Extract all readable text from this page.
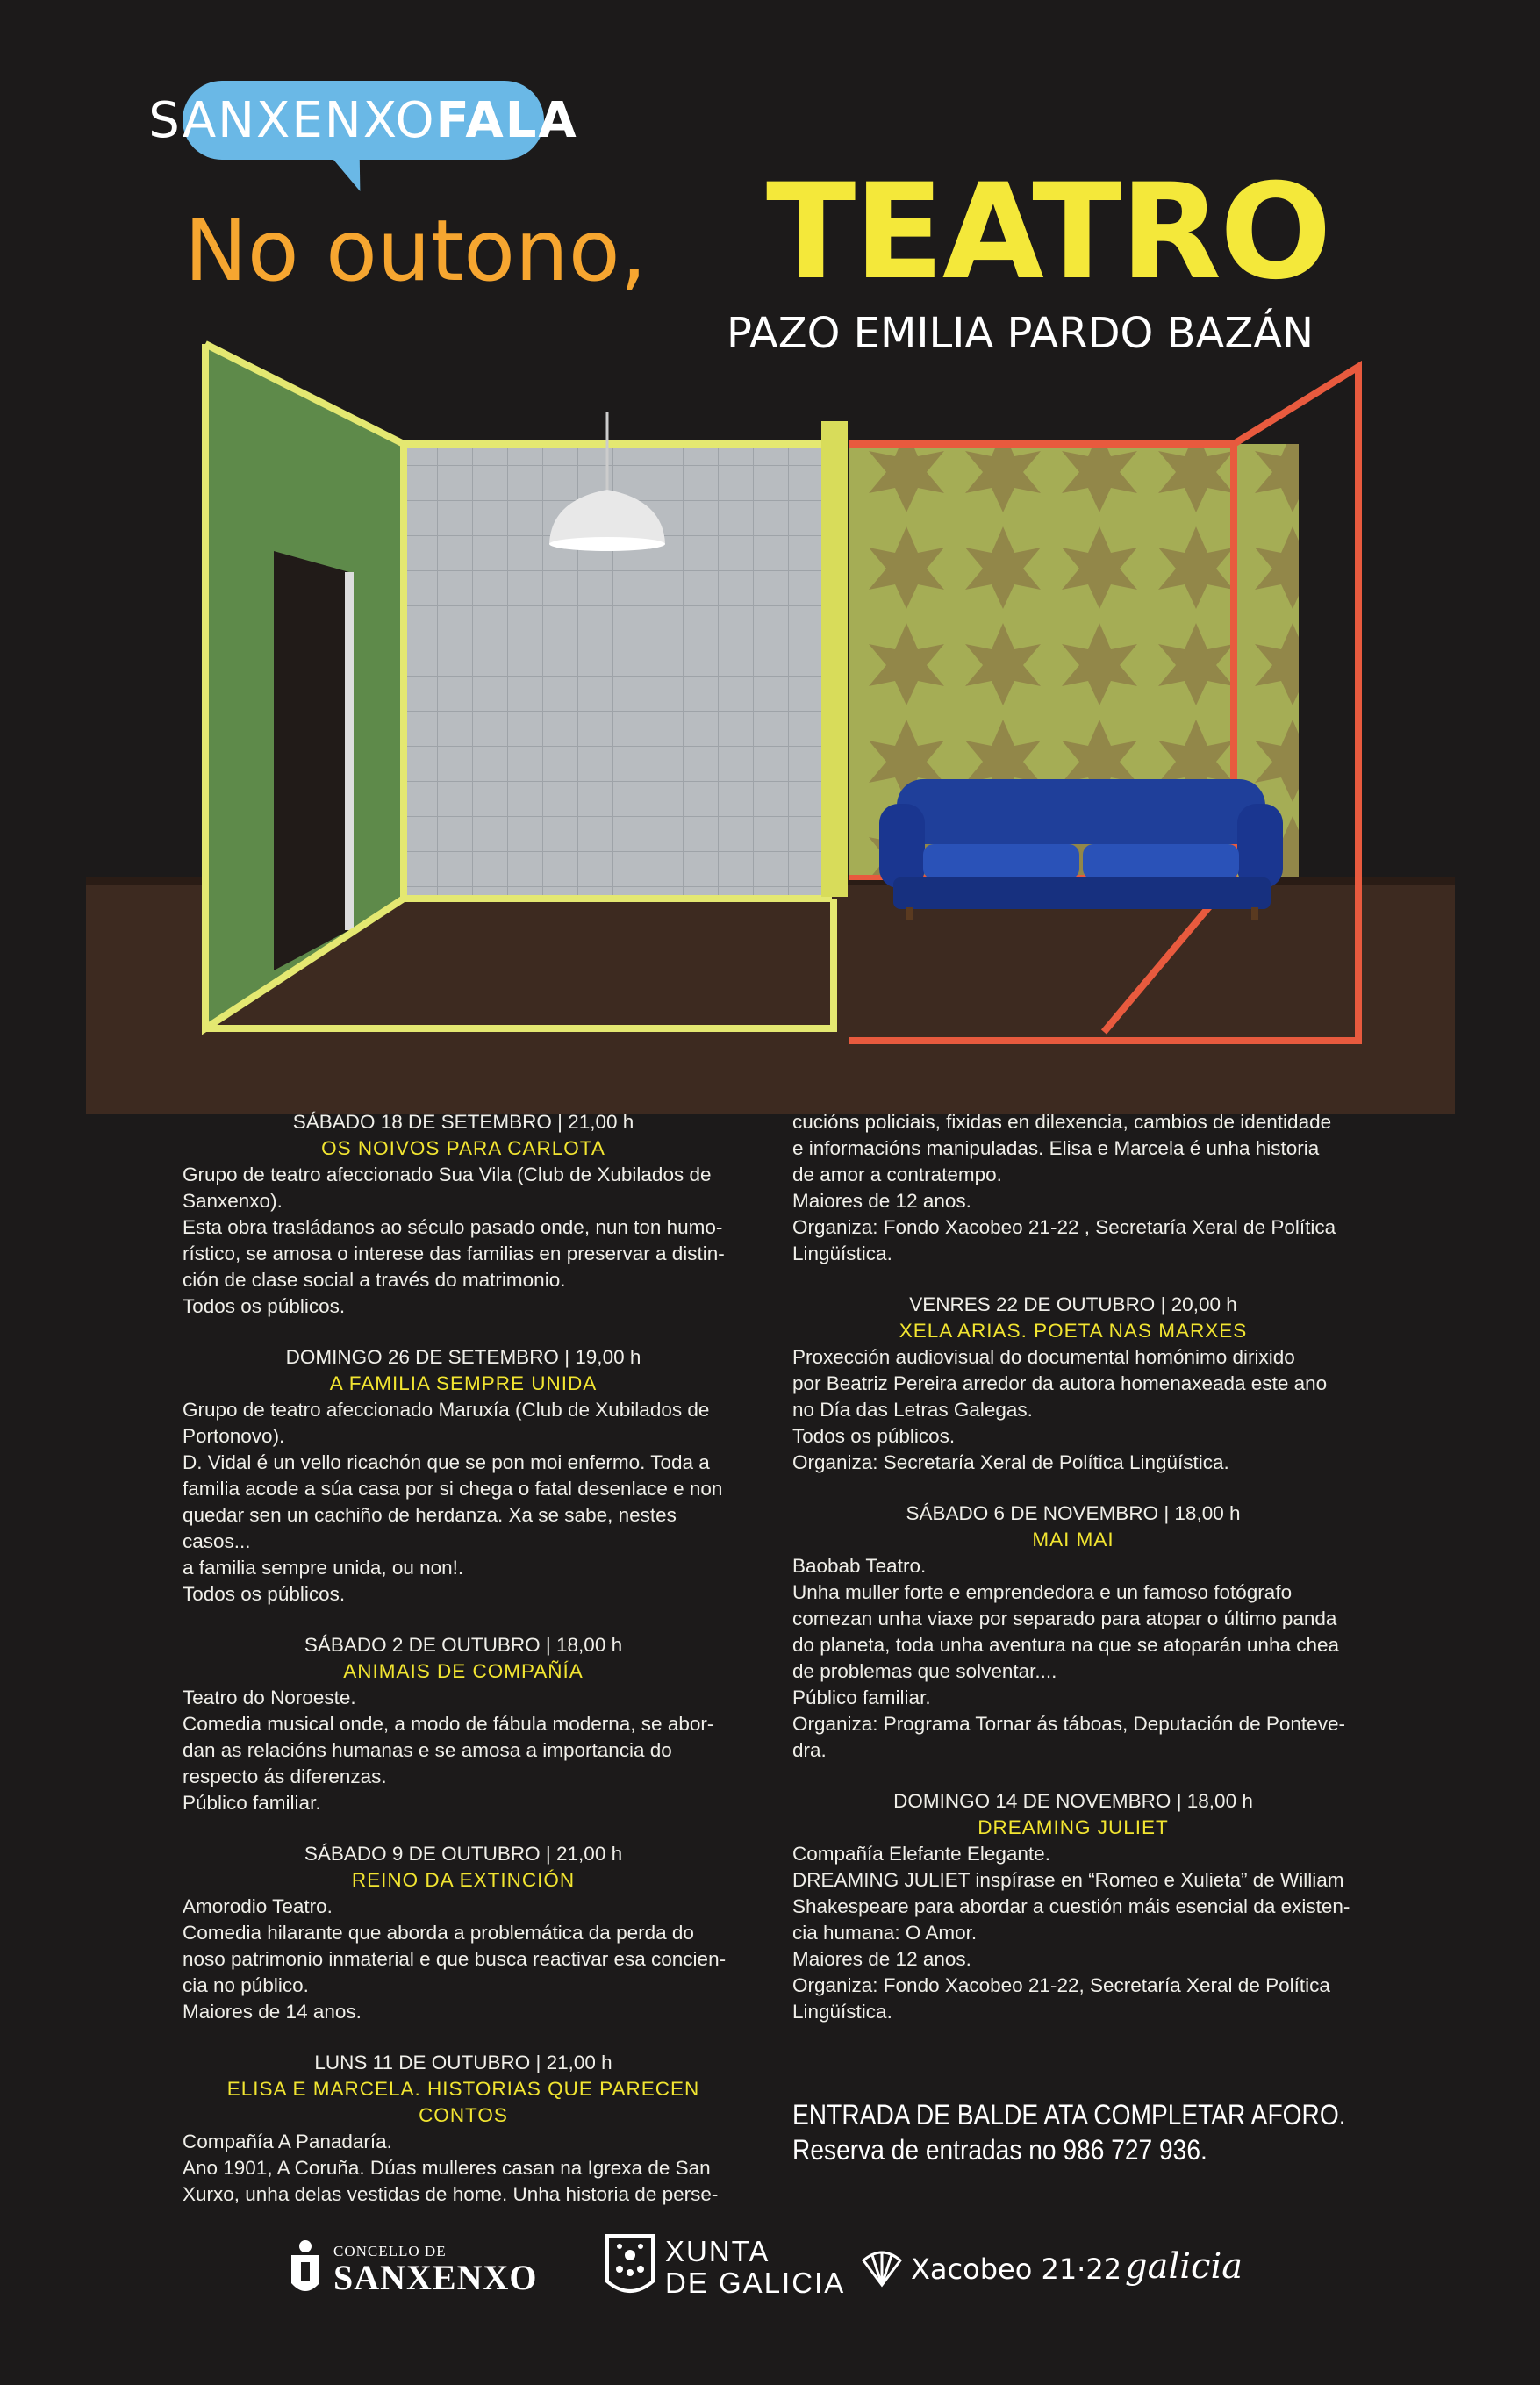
SANXENXO FALA
No outono, TEATRO
PAZO EMILIA PARDO BAZÁN

SÁBADO 18 DE SETEMBRO | 21,00 h

OS NOIVOS PARA CARLOTA

Grupo de teatro afeccionado Sua Vila (Club de Xubilados de

Sanxenxo).

Esta obra trasládanos ao século pasado onde, nun ton humo-

rístico, se amosa o interese das familias en preservar a distin-

ción de clase social a través do matrimonio.

Todos os públicos.

DOMINGO 26 DE SETEMBRO | 19,00 h

A FAMILIA SEMPRE UNIDA

Grupo de teatro afeccionado Maruxía (Club de Xubilados de

Portonovo).

D. Vidal é un vello ricachón que se pon moi enfermo. Toda a

familia acode a súa casa por si chega o fatal desenlace e non

quedar sen un cachiño de herdanza. Xa se sabe, nestes casos...

a familia sempre unida, ou non!.

Todos os públicos.

SÁBADO 2 DE OUTUBRO | 18,00 h

ANIMAIS DE COMPAÑÍA

Teatro do Noroeste.

Comedia musical onde, a modo de fábula moderna, se abor-

dan as relacións humanas e se amosa a importancia do

respecto ás diferenzas.

Público familiar.

SÁBADO 9 DE OUTUBRO | 21,00 h

REINO DA EXTINCIÓN

Amorodio Teatro.

Comedia hilarante que aborda a problemática da perda do

noso patrimonio inmaterial e que busca reactivar esa concien-

cia no público.

Maiores de 14 anos.

LUNS 11 DE OUTUBRO | 21,00 h

ELISA E MARCELA. HISTORIAS QUE PARECEN CONTOS

Compañía A Panadaría.

Ano 1901, A Coruña. Dúas mulleres casan na Igrexa de San

Xurxo, unha delas vestidas de home. Unha historia de perse-

cucións policiais, fixidas en dilexencia, cambios de identidade

e informacións manipuladas. Elisa e Marcela é unha historia

de amor a contratempo.

Maiores de 12 anos.

Organiza: Fondo Xacobeo 21-22 , Secretaría Xeral de Política

Lingüística.

VENRES 22 DE OUTUBRO | 20,00 h

XELA ARIAS. POETA NAS MARXES

Proxección audiovisual do documental homónimo dirixido

por Beatriz Pereira arredor da autora homenaxeada este ano

no Día das Letras Galegas.

Todos os públicos.

Organiza: Secretaría Xeral de Política Lingüística.

SÁBADO 6 DE NOVEMBRO | 18,00 h

MAI MAI

Baobab Teatro.

Unha muller forte e emprendedora e un famoso fotógrafo

comezan unha viaxe por separado para atopar o último panda

do planeta, toda unha aventura na que se atoparán unha chea

de problemas que solventar....

Público familiar.

Organiza: Programa Tornar ás táboas, Deputación de Ponteve-

dra.

DOMINGO 14 DE NOVEMBRO | 18,00 h

DREAMING JULIET

Compañía Elefante Elegante.

DREAMING JULIET inspírase en “Romeo e Xulieta” de William

Shakespeare para abordar a cuestión máis esencial da existen-

cia humana: O Amor.

Maiores de 12 anos.

Organiza: Fondo Xacobeo 21-22, Secretaría Xeral de Política

Lingüística.

ENTRADA DE BALDE ATA COMPLETAR AFORO.
Reserva de entradas no 986 727 936.
CONCELLO DE
SANXENXO
XUNTA
DE GALICIA Xacobeo 21·22 galicia
